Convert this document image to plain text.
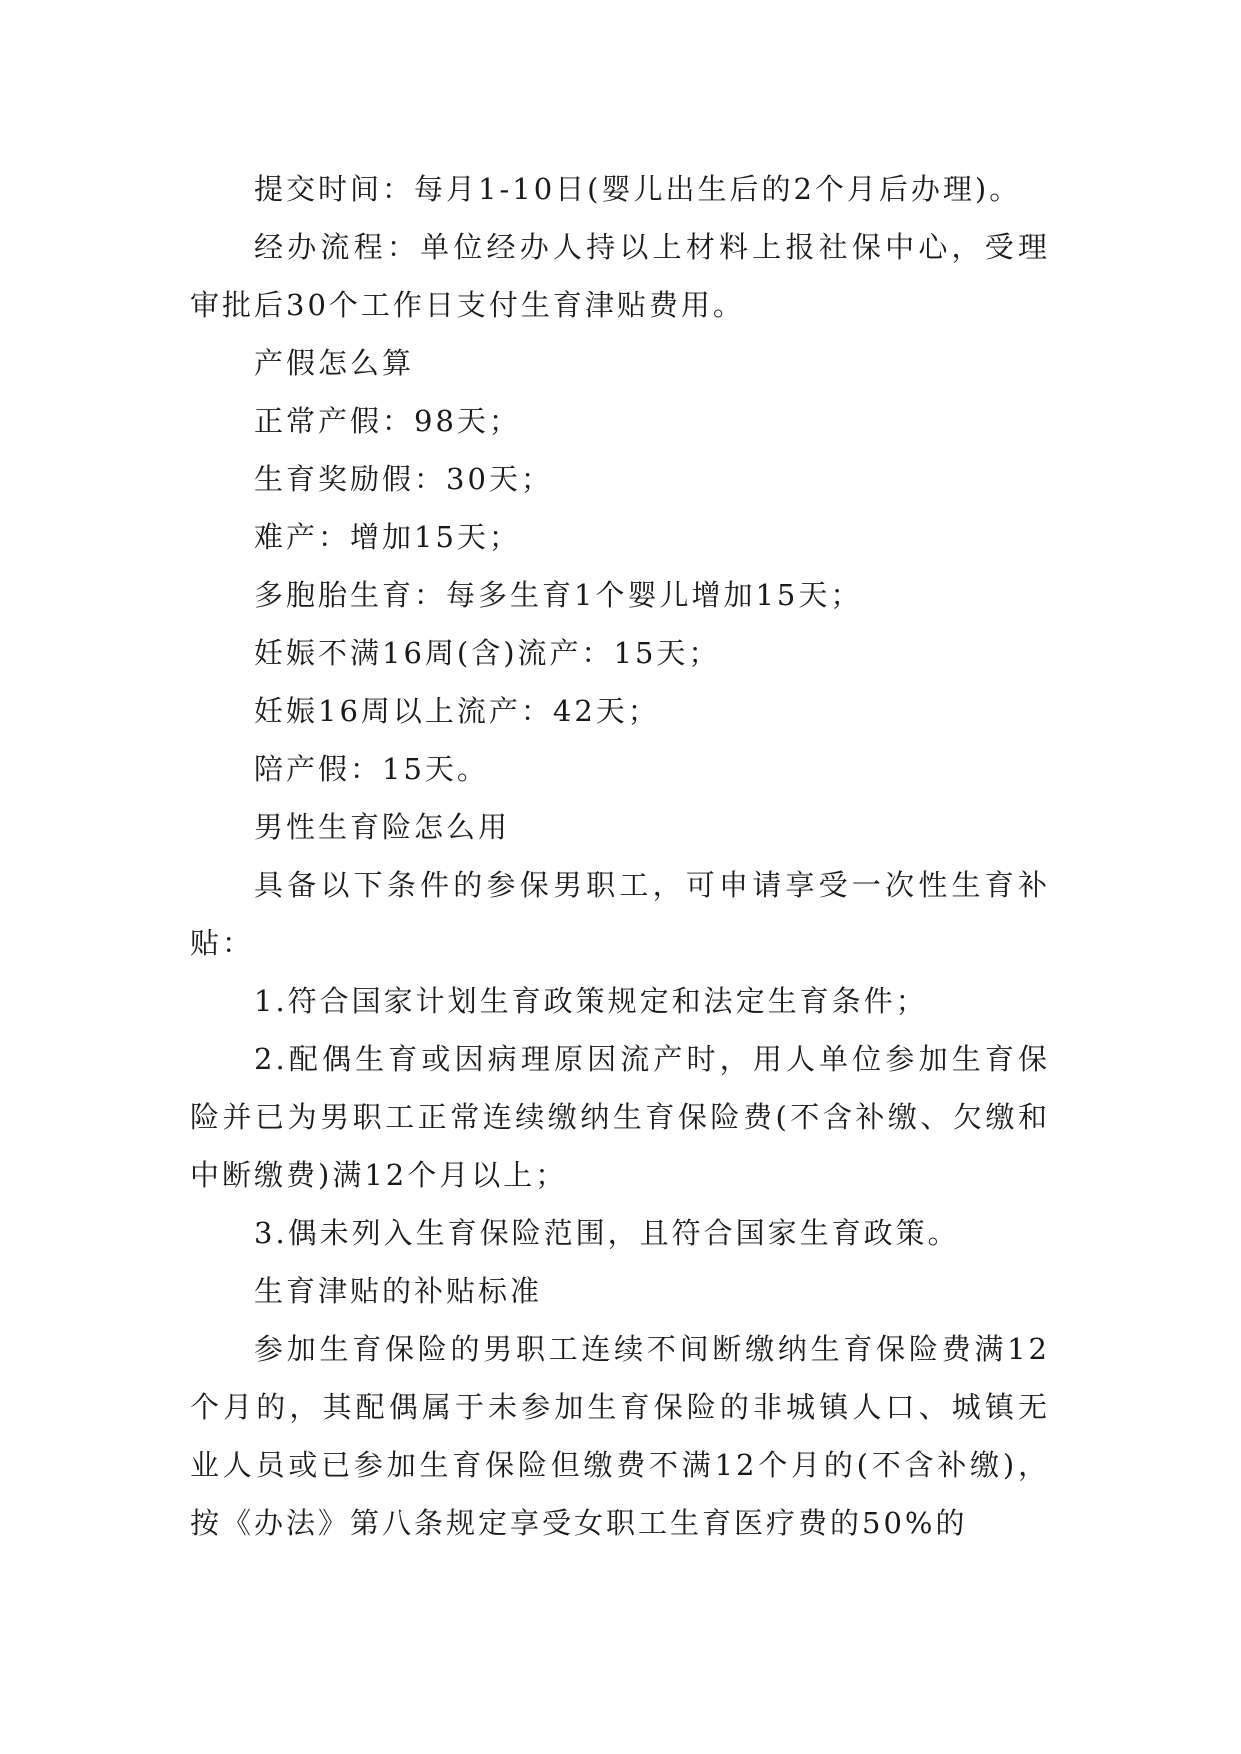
提交时间：每月1-10日(婴儿出生后的2个月后办理)。

经办流程：单位经办人持以上材料上报社保中心，受理审批后30个工作日支付生育津贴费用。

产假怎么算

正常产假：98天；

生育奖励假：30天；

难产：增加15天；

多胞胎生育：每多生育1个婴儿增加15天；

妊娠不满16周(含)流产：15天；

妊娠16周以上流产：42天；

陪产假：15天。

男性生育险怎么用

具备以下条件的参保男职工，可申请享受一次性生育补贴：

1.符合国家计划生育政策规定和法定生育条件；

2.配偶生育或因病理原因流产时，用人单位参加生育保险并已为男职工正常连续缴纳生育保险费(不含补缴、欠缴和中断缴费)满12个月以上；

3.偶未列入生育保险范围，且符合国家生育政策。

生育津贴的补贴标准

参加生育保险的男职工连续不间断缴纳生育保险费满12个月的，其配偶属于未参加生育保险的非城镇人口、城镇无业人员或已参加生育保险但缴费不满12个月的(不含补缴)，按《办法》第八条规定享受女职工生育医疗费的50%的
